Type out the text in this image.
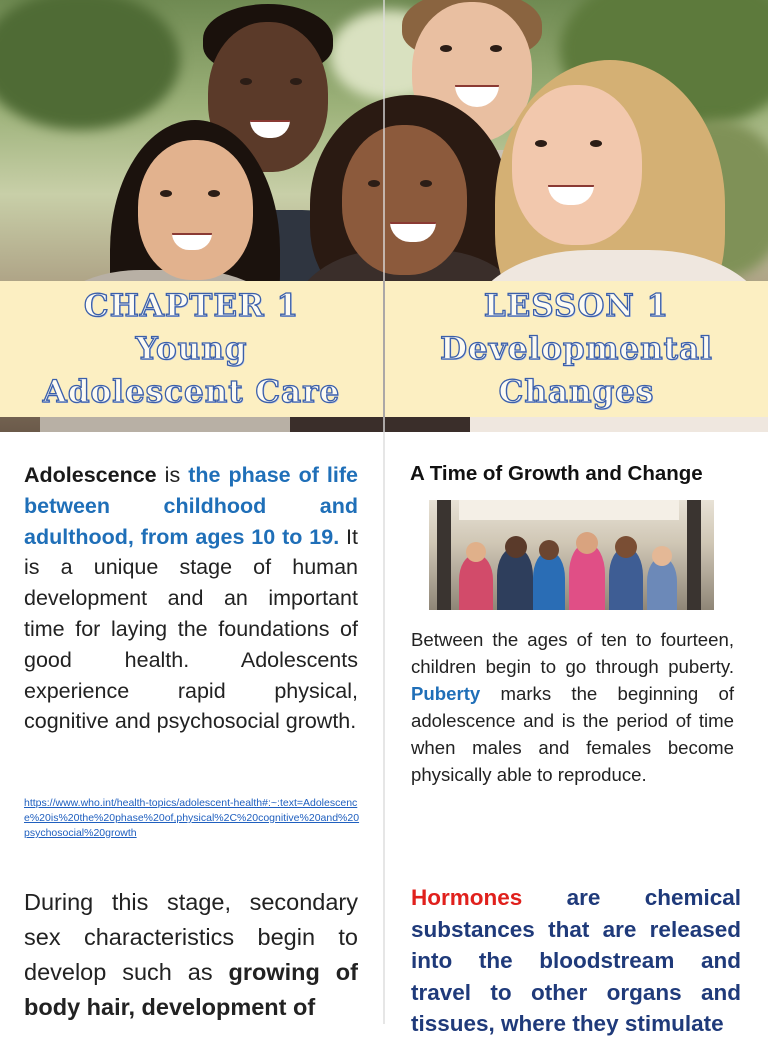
CHAPTER 1
Young
Adolescent Care
LESSON 1
Developmental
Changes
Adolescence is the phase of life between childhood and adulthood, from ages 10 to 19. It is a unique stage of human development and an important time for laying the foundations of good health. Adolescents experience rapid physical, cognitive and psychosocial growth.
https://www.who.int/health-topics/adolescent-health#:~:text=Adolescence%20is%20the%20phase%20of,physical%2C%20cognitive%20and%20psychosocial%20growth
A Time of Growth and Change
Between the ages of ten to fourteen, children begin to go through puberty. Puberty marks the beginning of adolescence and is the period of time when males and females become physically able to reproduce.
During this stage, secondary sex characteristics begin to develop such as growing of body hair, development of
Hormones are chemical substances that are released into the bloodstream and travel to other organs and tissues, where they stimulate
